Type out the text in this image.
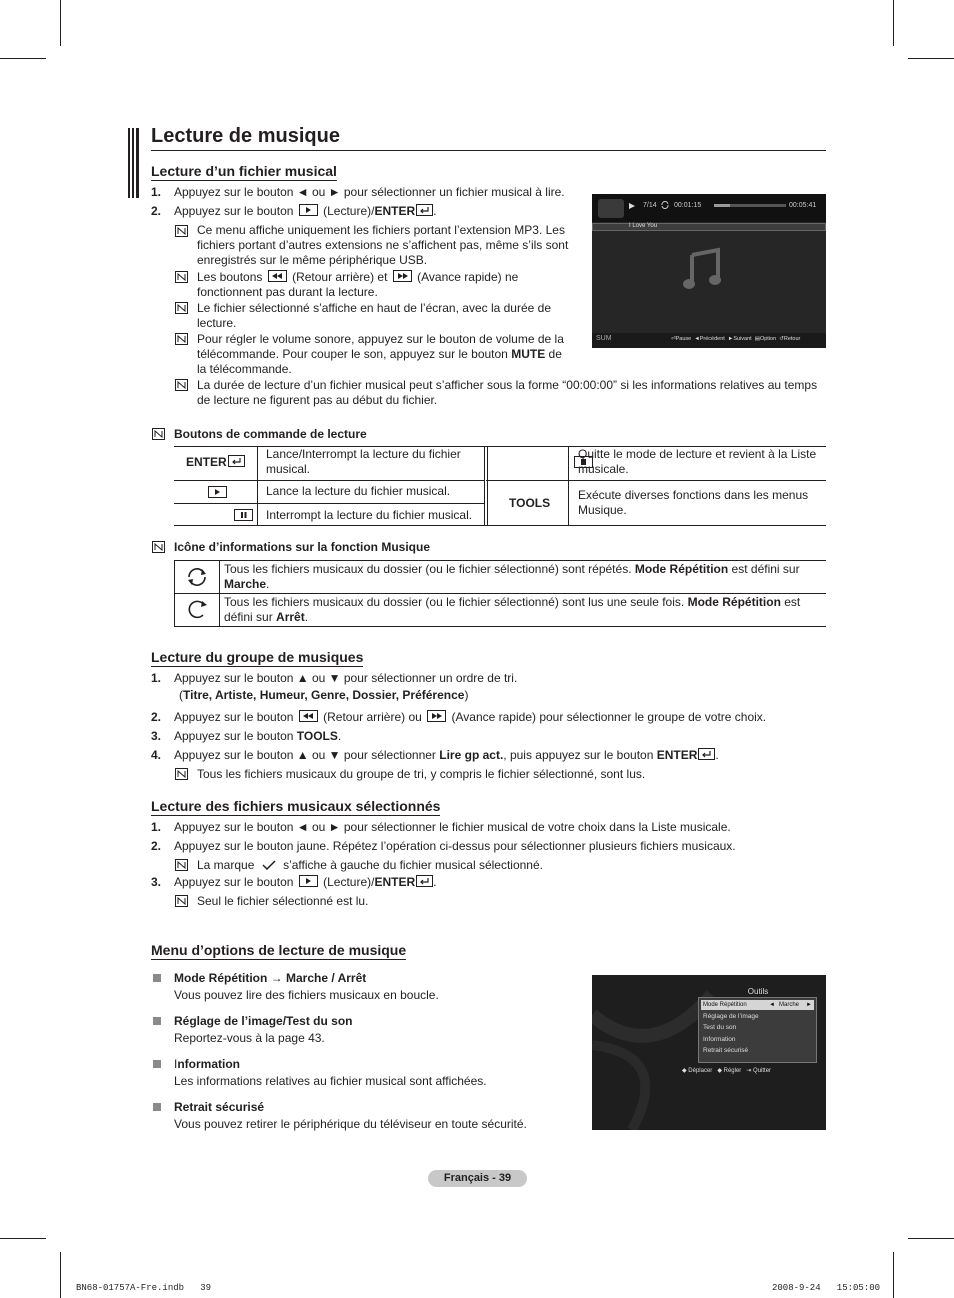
Lecture de musique
Lecture d’un fichier musical
1. Appuyez sur le bouton ◄ ou ► pour sélectionner un fichier musical à lire.
2. Appuyez sur le bouton (Lecture)/ENTER .
Ce menu affiche uniquement les fichiers portant l’extension MP3. Les fichiers portant d’autres extensions ne s’affichent pas, même s’ils sont enregistrés sur le même périphérique USB.
Les boutons (Retour arrière) et (Avance rapide) ne fonctionnent pas durant la lecture.
Le fichier sélectionné s’affiche en haut de l’écran, avec la durée de lecture.
Pour régler le volume sonore, appuyez sur le bouton de volume de la télécommande. Pour couper le son, appuyez sur le bouton MUTE de la télécommande.
La durée de lecture d’un fichier musical peut s’afficher sous la forme “00:00:00” si les informations relatives au temps de lecture ne figurent pas au début du fichier.
7/14 00:01:15	00:05:41
I Love You
SUM	⏎Pause ◄Précédent ►Suivant ▤Option ↺Retour
Boutons de commande de lecture
ENTER
Lance/Interrompt la lecture du fichier musical.

Lance la lecture du fichier musical.

Interrompt la lecture du fichier musical.
Quitte le mode de lecture et revient à la Liste musicale.
TOOLS
Exécute diverses fonctions dans les menus Musique.
Icône d’informations sur la fonction Musique
Tous les fichiers musicaux du dossier (ou le fichier sélectionné) sont répétés. Mode Répétition est défini sur Marche.
Tous les fichiers musicaux du dossier (ou le fichier sélectionné) sont lus une seule fois. Mode Répétition est défini sur Arrêt.
Lecture du groupe de musiques
1. Appuyez sur le bouton ▲ ou ▼ pour sélectionner un ordre de tri.
(Titre, Artiste, Humeur, Genre, Dossier, Préférence)
2. Appuyez sur le bouton (Retour arrière) ou (Avance rapide) pour sélectionner le groupe de votre choix.
3. Appuyez sur le bouton TOOLS.
4. Appuyez sur le bouton ▲ ou ▼ pour sélectionner Lire gp act., puis appuyez sur le bouton ENTER .
Tous les fichiers musicaux du groupe de tri, y compris le fichier sélectionné, sont lus.
Lecture des fichiers musicaux sélectionnés
1. Appuyez sur le bouton ◄ ou ► pour sélectionner le fichier musical de votre choix dans la Liste musicale.
2. Appuyez sur le bouton jaune. Répétez l’opération ci-dessus pour sélectionner plusieurs fichiers musicaux.
La marque s’affiche à gauche du fichier musical sélectionné.
3. Appuyez sur le bouton (Lecture)/ENTER .
Seul le fichier sélectionné est lu.
Menu d’options de lecture de musique
Mode Répétition → Marche / Arrêt
Vous pouvez lire des fichiers musicaux en boucle.
Réglage de l’image/Test du son
Reportez-vous à la page 43.
Information
Les informations relatives au fichier musical sont affichées.
Retrait sécurisé
Vous pouvez retirer le périphérique du téléviseur en toute sécurité.
Outils
Mode Répétition	◄ Marche ►
Réglage de l’image
Test du son
Information
Retrait sécurisé
◆ Déplacer ◆ Régler ⇥ Quitter
Français - 39
BN68-01757A-Fre.indb   39	2008-9-24   15:05:00
